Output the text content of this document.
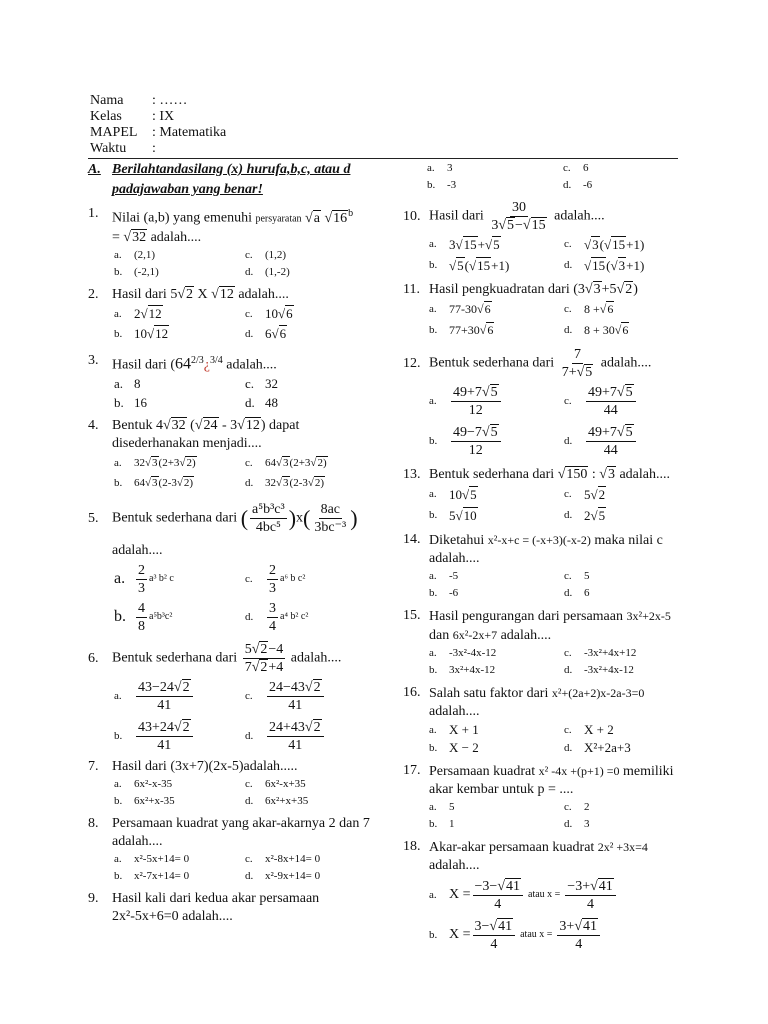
Nama	: ……
Kelas	: IX
MAPEL	: Matematika
Waktu	:
A. Berilahtandasilang (x) hurufa,b,c, atau d padajawaban yang benar!
1. Nilai (a,b) yang emenuhi persyaratan √ a √ $16^b$
= √ 32 adalah....
a.	(2,1)	c.	(1,2)
b.	(-2,1)	d.	(1,-2)
2. Hasil dari 5 √ 2 X √ 12 adalah....
a. 2 √ 12	c. 10 √ 6
b. 10 √ 12	d. 6 √ 6
3. Hasil dari ($64^{2/3}¿^{3/4}$ adalah....
a. 8	c. 32
b. 16	d. 48
4. Bentuk 4 √ 32 ( √ 24 - 3 √ 12) dapat
disederhanakan menjadi....
a.	32 √ 3 (2+3 √ 2)	c.	64 √ 3 (2+3 √ 2)
b.	64 √ 3 (2-3 √ 2)	d.	32 √ 3 (2-3 √ 2)
5. Bentuk sederhana dari ( $\frac{\text{a⁵b³c³}}{\text{4bc⁵}} )x( \frac{8ac}{\text{3bc⁻³}}$ )
adalah....
a. $\frac{2}{3} a^3$ b² c	c.	$\frac{2}{3} a^6$ b c²
b. $\frac{4}{8} a^5b^3c^2$	d. $\frac{3}{4} a^4$ b² c²
6. Bentuk sederhana dari $\frac{5 √ 2-4}{7 √ 2+4}$ adalah....
a.	$\frac{43-24 √ 2}{41}$	c.	$\frac{24-43 √ 2}{41}$
b. $\frac{43+24 √ 2}{41}$	d. $\frac{24+43 √ 2}{41}$
7. Hasil dari (3x+7)(2x-5)adalah.....
a.	6x²-x-35	c.	6x²-x+35
b.	6x²+x-35	d.	6x²+x+35
8. Persamaan kuadrat yang akar-akarnya 2 dan 7 adalah....
a.	x²-5x+14= 0	c.	x²-8x+14= 0
b.	x²-7x+14= 0	d.	x²-9x+14= 0
9. Hasil kali dari kedua akar persamaan
2x²-5x+6=0 adalah....
a.	3	c.	6
b.	-3	d.	-6
10. Hasil dari $\frac{30}{3 √ 5- √ 15}$ adalah....
a. 3 √ 15 + √ 5	c.	√ 3 ( √ 15 +1)
b.	√ 5 ( √ 15 +1)	d.	√ 15 ( √ 3 +1)
11. Hasil pengkuadratan dari (3 √ 3+5 √ 2)
a.	77-30 √ 6	c.	8 + √ 6
b. 77+30 √ 6	d. 8 + 30 √ 6
12. Bentuk sederhana dari $\frac{7}{7+ √ 5}$ adalah....
a.	$\frac{49+7 √ 5}{12}$	c.	$\frac{49+7 √ 5}{44}$
b. $\frac{49-7 √ 5}{12}$	d. $\frac{49+7 √ 5}{44}$
13. Bentuk sederhana dari √ 150 : √ 3 adalah....
a. 10 √ 5	c. 5 √ 2
b. 5 √ 10	d. 2 √ 5
14. Diketahui x²-x+c = (-x+3)(-x-2) maka nilai c adalah....
a.	-5	c.	5
b.	-6	d.	6
15. Hasil pengurangan dari persamaan 3x²+2x-5 dan 6x²-2x+7 adalah....
a.	-3x²-4x-12	c.	-3x²+4x+12
b.	3x²+4x-12	d.	-3x²+4x-12
16. Salah satu faktor dari x²+(2a+2)x-2a-3=0 adalah....
a. X + 1	c. X + 2
b. X − 2	d. X²+2a+3
17. Persamaan kuadrat x² -4x +(p+1) =0 memiliki akar kembar untuk p = ....
a.	5	c.	2
b.	1	d.	3
18. Akar-akar persamaan kuadrat 2x² +3x=4 adalah....
a. $X = \frac{-3- √ 41}{4}$ atau $x = \frac{-3+ √ 41}{4}$
b. $X = \frac{3- √ 41}{4}$ atau $x = \frac{3+ √ 41}{4}$
